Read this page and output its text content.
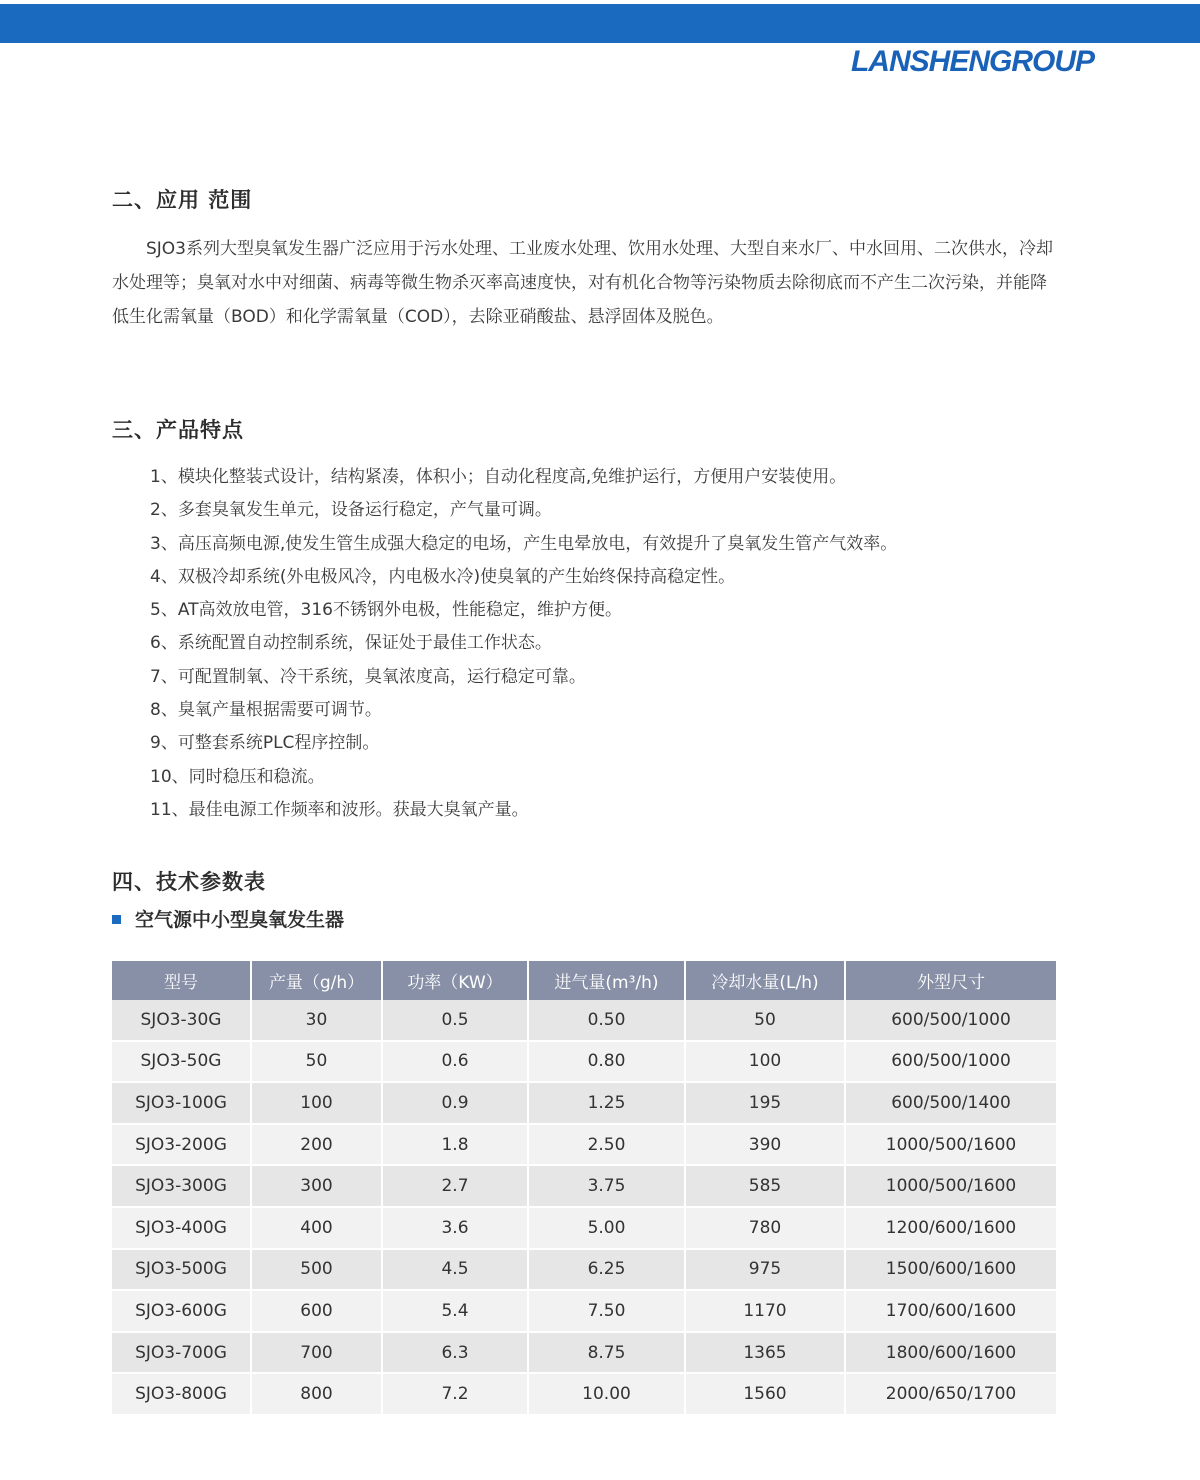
LANSHENGROUP
二、应用 范围
SJO3系列大型臭氧发生器广泛应用于污水处理、工业废水处理、饮用水处理、大型自来水厂、中水回用、二次供水，冷却水处理等；臭氧对水中对细菌、病毒等微生物杀灭率高速度快，对有机化合物等污染物质去除彻底而不产生二次污染，并能降低生化需氧量（BOD）和化学需氧量（COD），去除亚硝酸盐、悬浮固体及脱色。
三、产品特点
1、模块化整装式设计，结构紧凑，体积小；自动化程度高,免维护运行，方便用户安装使用。
2、多套臭氧发生单元，设备运行稳定，产气量可调。
3、高压高频电源,使发生管生成强大稳定的电场，产生电晕放电，有效提升了臭氧发生管产气效率。
4、双极冷却系统(外电极风冷，内电极水冷)使臭氧的产生始终保持高稳定性。
5、AT高效放电管，316不锈钢外电极，性能稳定，维护方便。
6、系统配置自动控制系统，保证处于最佳工作状态。
7、可配置制氧、冷干系统，臭氧浓度高，运行稳定可靠。
8、臭氧产量根据需要可调节。
9、可整套系统PLC程序控制。
10、同时稳压和稳流。
11、最佳电源工作频率和波形。获最大臭氧产量。
四、技术参数表
空气源中小型臭氧发生器
型号	产量（g/h）	功率（KW）	进气量(m³/h)	冷却水量(L/h)	外型尺寸
SJO3-30G	30	0.5	0.50	50	600/500/1000
SJO3-50G	50	0.6	0.80	100	600/500/1000
SJO3-100G	100	0.9	1.25	195	600/500/1400
SJO3-200G	200	1.8	2.50	390	1000/500/1600
SJO3-300G	300	2.7	3.75	585	1000/500/1600
SJO3-400G	400	3.6	5.00	780	1200/600/1600
SJO3-500G	500	4.5	6.25	975	1500/600/1600
SJO3-600G	600	5.4	7.50	1170	1700/600/1600
SJO3-700G	700	6.3	8.75	1365	1800/600/1600
SJO3-800G	800	7.2	10.00	1560	2000/650/1700
